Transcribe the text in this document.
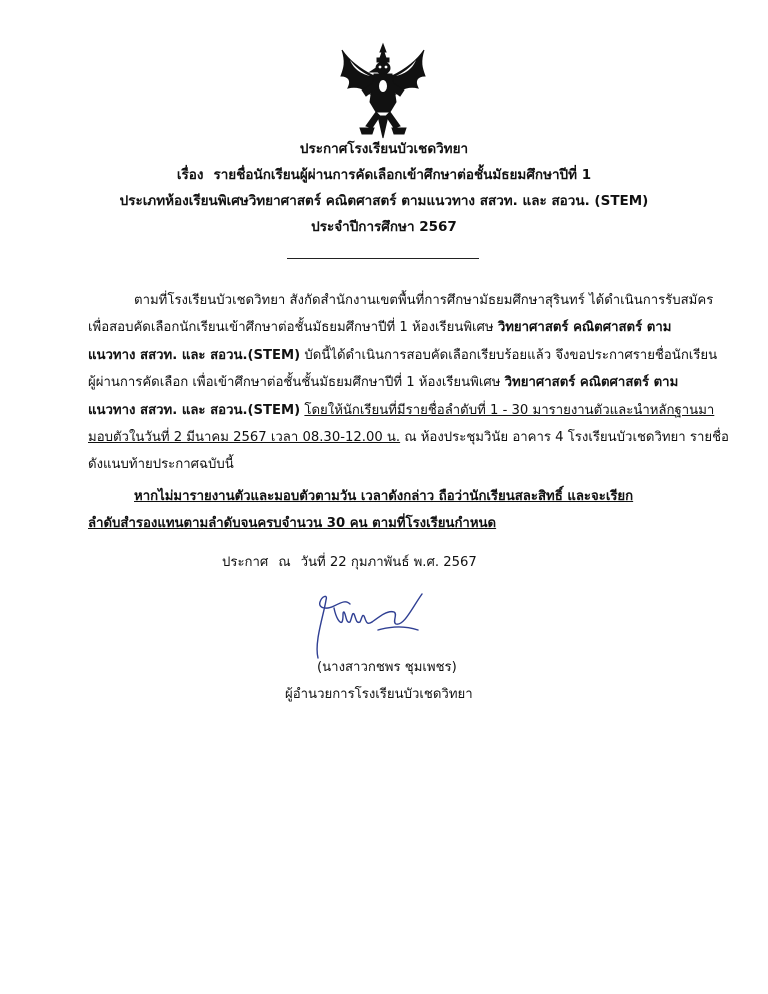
ประกาศโรงเรียนบัวเชดวิทยา
เรื่อง รายชื่อนักเรียนผู้ผ่านการคัดเลือกเข้าศึกษาต่อชั้นมัธยมศึกษาปีที่ 1
ประเภทห้องเรียนพิเศษวิทยาศาสตร์ คณิตศาสตร์ ตามแนวทาง สสวท. และ สอวน. (STEM)
ประจำปีการศึกษา 2567
ตามที่โรงเรียนบัวเชดวิทยา สังกัดสำนักงานเขตพื้นที่การศึกษามัธยมศึกษาสุรินทร์ ได้ดำเนินการรับสมัคร
เพื่อสอบคัดเลือกนักเรียนเข้าศึกษาต่อชั้นมัธยมศึกษาปีที่ 1 ห้องเรียนพิเศษ วิทยาศาสตร์ คณิตศาสตร์ ตาม
แนวทาง สสวท. และ สอวน.(STEM) บัดนี้ได้ดำเนินการสอบคัดเลือกเรียบร้อยแล้ว จึงขอประกาศรายชื่อนักเรียน
ผู้ผ่านการคัดเลือก เพื่อเข้าศึกษาต่อชั้นชั้นมัธยมศึกษาปีที่ 1 ห้องเรียนพิเศษ วิทยาศาสตร์ คณิตศาสตร์ ตาม
แนวทาง สสวท. และ สอวน.(STEM) โดยให้นักเรียนที่มีรายชื่อลำดับที่ 1 - 30 มารายงานตัวและนำหลักฐานมา
มอบตัวในวันที่ 2 มีนาคม 2567 เวลา 08.30-12.00 น. ณ ห้องประชุมวินัย อาคาร 4 โรงเรียนบัวเชดวิทยา รายชื่อ
ดังแนบท้ายประกาศฉบับนี้
หากไม่มารายงานตัวและมอบตัวตามวัน เวลาดังกล่าว ถือว่านักเรียนสละสิทธิ์ และจะเรียก
ลำดับสำรองแทนตามลำดับจนครบจำนวน 30 คน ตามที่โรงเรียนกำหนด
ประกาศ ณ วันที่ 22 กุมภาพันธ์ พ.ศ. 2567
(นางสาวกชพร ชุมเพชร)
ผู้อำนวยการโรงเรียนบัวเชดวิทยา
